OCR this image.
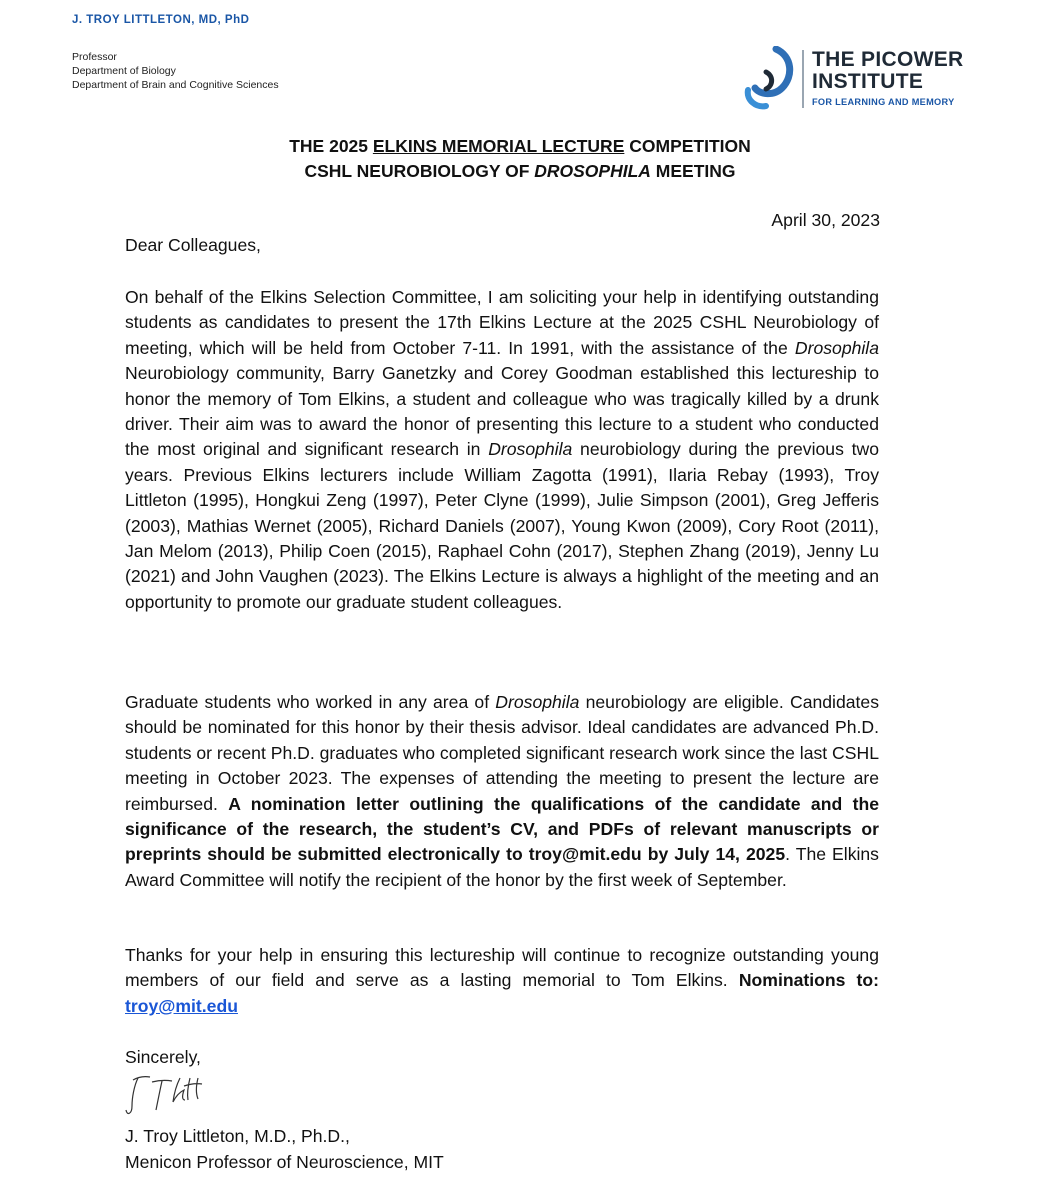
J. TROY LITTLETON, MD, PhD
Professor
Department of Biology
Department of Brain and Cognitive Sciences
THE PICOWER
INSTITUTE
FOR LEARNING AND MEMORY
THE 2025 ELKINS MEMORIAL LECTURE COMPETITION
CSHL NEUROBIOLOGY OF DROSOPHILA MEETING
April 30, 2023
Dear Colleagues,

On behalf of the Elkins Selection Committee, I am soliciting your help in identifying outstanding students as candidates to present the 17th Elkins Lecture at the 2025 CSHL Neurobiology of meeting, which will be held from October 7-11. In 1991, with the assistance of the Drosophila Neurobiology community, Barry Ganetzky and Corey Goodman established this lectureship to honor the memory of Tom Elkins, a student and colleague who was tragically killed by a drunk driver. Their aim was to award the honor of presenting this lecture to a student who conducted the most original and significant research in Drosophila neurobiology during the previous two years. Previous Elkins lecturers include William Zagotta (1991), Ilaria Rebay (1993), Troy Littleton (1995), Hongkui Zeng (1997), Peter Clyne (1999), Julie Simpson (2001), Greg Jefferis (2003), Mathias Wernet (2005), Richard Daniels (2007), Young Kwon (2009), Cory Root (2011), Jan Melom (2013), Philip Coen (2015), Raphael Cohn (2017), Stephen Zhang (2019), Jenny Lu (2021) and John Vaughen (2023). The Elkins Lecture is always a highlight of the meeting and an opportunity to promote our graduate student colleagues.

Graduate students who worked in any area of Drosophila neurobiology are eligible. Candidates should be nominated for this honor by their thesis advisor. Ideal candidates are advanced Ph.D. students or recent Ph.D. graduates who completed significant research work since the last CSHL meeting in October 2023. The expenses of attending the meeting to present the lecture are reimbursed. A nomination letter outlining the qualifications of the candidate and the significance of the research, the student’s CV, and PDFs of relevant manuscripts or preprints should be submitted electronically to troy@mit.edu by July 14, 2025. The Elkins Award Committee will notify the recipient of the honor by the first week of September.

Thanks for your help in ensuring this lectureship will continue to recognize outstanding young members of our field and serve as a lasting memorial to Tom Elkins. Nominations to: troy@mit.edu

Sincerely,
J. Troy Littleton, M.D., Ph.D.,
Menicon Professor of Neuroscience, MIT
